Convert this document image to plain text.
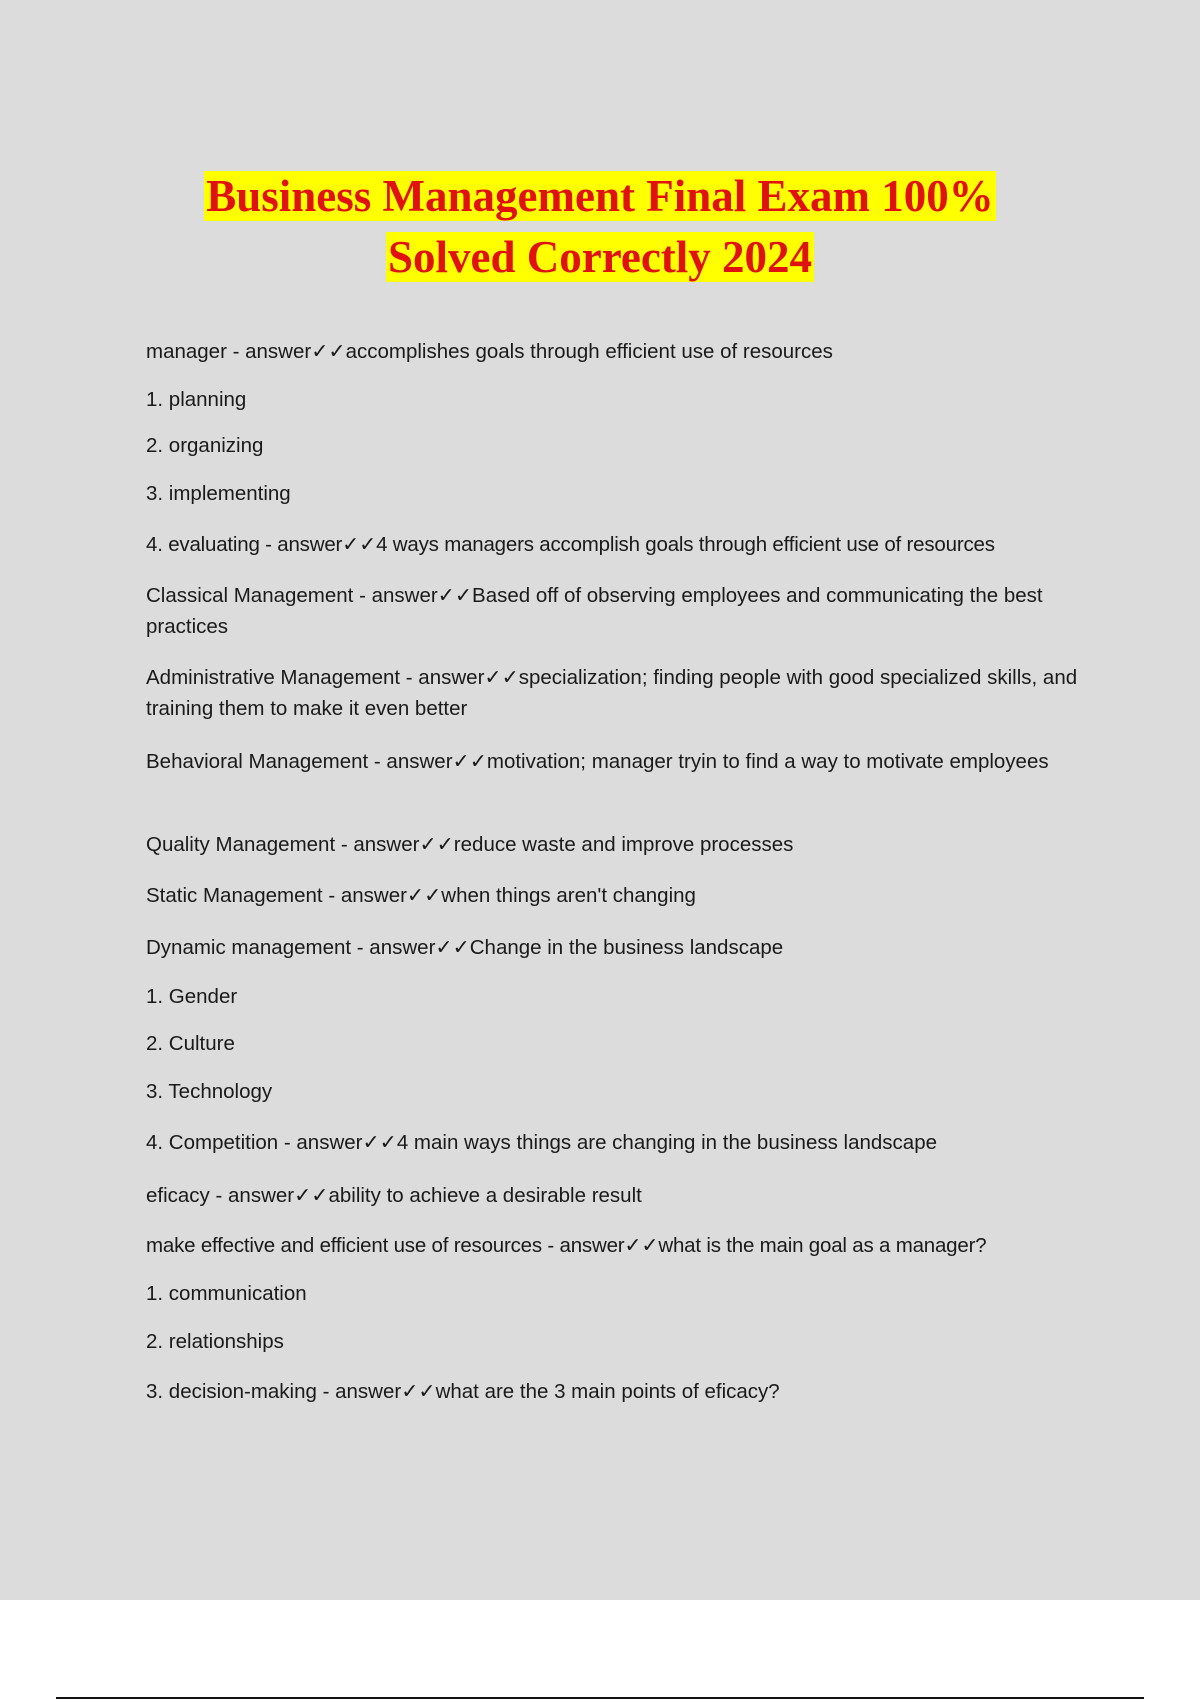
Business Management Final Exam 100%
Solved Correctly 2024
manager - answer✓✓accomplishes goals through efficient use of resources
1. planning
2. organizing
3. implementing
4. evaluating - answer✓✓4 ways managers accomplish goals through efficient use of resources
Classical Management - answer✓✓Based off of observing employees and communicating the best practices
Administrative Management - answer✓✓specialization; finding people with good specialized skills, and training them to make it even better
Behavioral Management - answer✓✓motivation; manager tryin to find a way to motivate employees
Quality Management - answer✓✓reduce waste and improve processes
Static Management - answer✓✓when things aren't changing
Dynamic management - answer✓✓Change in the business landscape
1. Gender
2. Culture
3. Technology
4. Competition - answer✓✓4 main ways things are changing in the business landscape
eficacy - answer✓✓ability to achieve a desirable result
make effective and efficient use of resources - answer✓✓what is the main goal as a manager?
1. communication
2. relationships
3. decision-making - answer✓✓what are the 3 main points of eficacy?
